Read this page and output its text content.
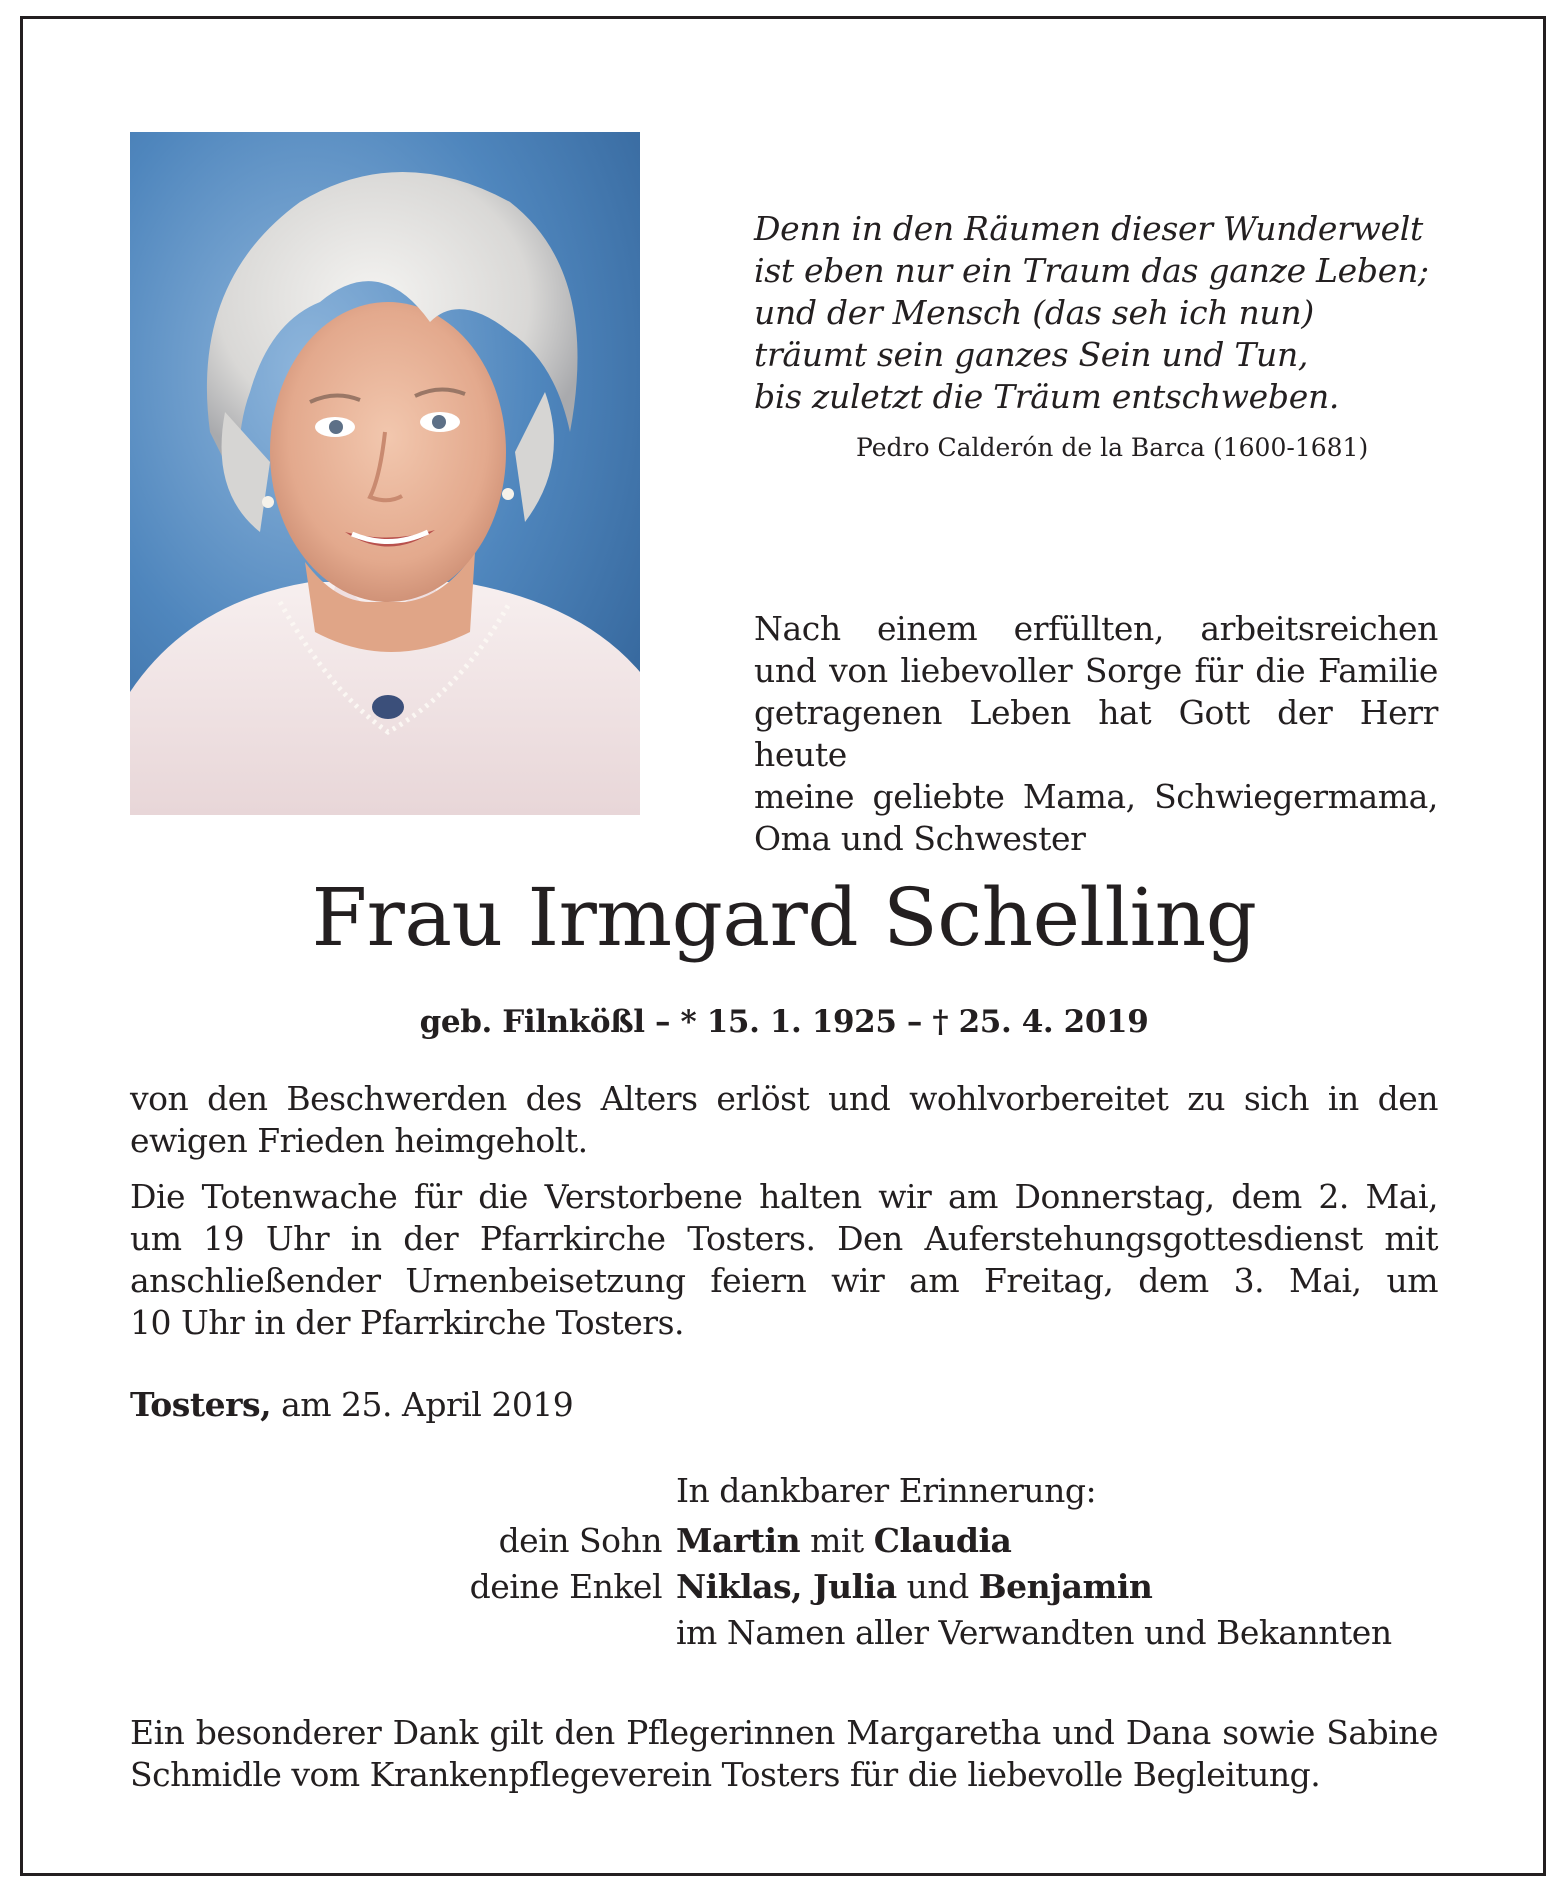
Denn in den Räumen dieser Wunderwelt
ist eben nur ein Traum das ganze Leben;
und der Mensch (das seh ich nun)
träumt sein ganzes Sein und Tun,
bis zuletzt die Träum entschweben.
Pedro Calderón de la Barca (1600-1681)
Nach einem erfüllten, arbeitsreichen
und von liebevoller Sorge für die Familie
getragenen Leben hat Gott der Herr heute
meine geliebte Mama, Schwiegermama,
Oma und Schwester
Frau Irmgard Schelling
geb. Filnkößl – * 15. 1. 1925 – † 25. 4. 2019
von den Beschwerden des Alters erlöst und wohlvorbereitet zu sich in den
ewigen Frieden heimgeholt.
Die Totenwache für die Verstorbene halten wir am Donnerstag, dem 2. Mai,
um 19 Uhr in der Pfarrkirche Tosters. Den Auferstehungsgottesdienst mit
anschließender Urnenbeisetzung feiern wir am Freitag, dem 3. Mai, um
10 Uhr in der Pfarrkirche Tosters.
Tosters, am 25. April 2019
In dankbarer Erinnerung:
dein Sohn Martin mit Claudia
deine Enkel Niklas, Julia und Benjamin
im Namen aller Verwandten und Bekannten
Ein besonderer Dank gilt den Pflegerinnen Margaretha und Dana sowie Sabine
Schmidle vom Krankenpflegeverein Tosters für die liebevolle Begleitung.
